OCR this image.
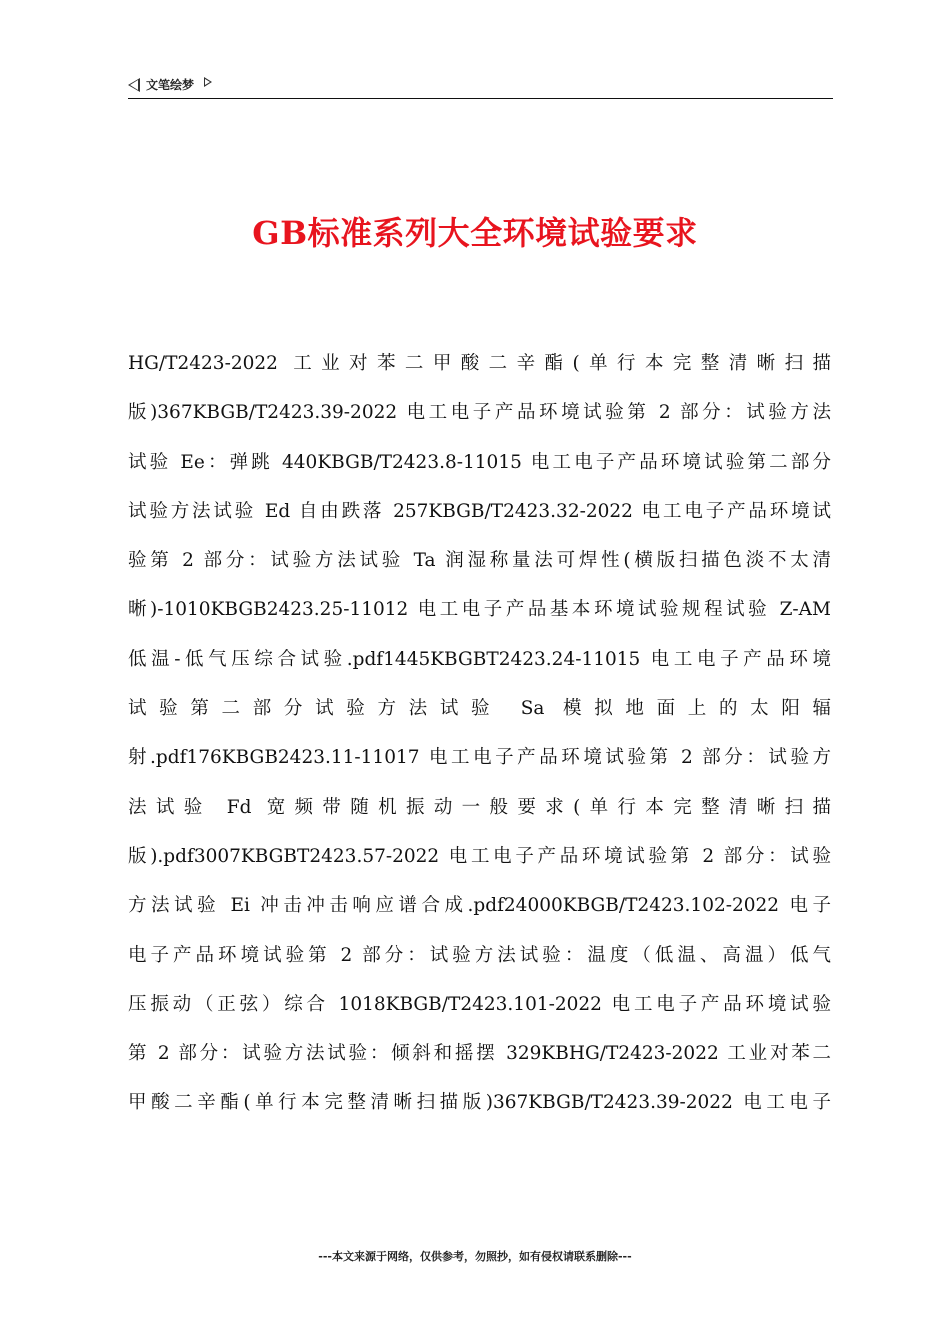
文笔绘梦
GB标准系列大全环境试验要求
HG/T2423-2022 工业对苯二甲酸二辛酯(单行本完整清晰扫描
版)367KBGB/T2423.39-2022 电工电子产品环境试验第 2 部分：试验方法
试验 Ee：弹跳 440KBGB/T2423.8-11015 电工电子产品环境试验第二部分
试验方法试验 Ed 自由跌落 257KBGB/T2423.32-2022 电工电子产品环境试
验第 2 部分：试验方法试验 Ta 润湿称量法可焊性(横版扫描色淡不太清
晰)-1010KBGB2423.25-11012 电工电子产品基本环境试验规程试验 Z-AM
低温-低气压综合试验.pdf1445KBGBT2423.24-11015 电工电子产品环境
试验第二部分试验方法试验 Sa 模拟地面上的太阳辐
射.pdf176KBGB2423.11-11017 电工电子产品环境试验第 2 部分：试验方
法试验 Fd 宽频带随机振动一般要求(单行本完整清晰扫描
版).pdf3007KBGBT2423.57-2022 电工电子产品环境试验第 2 部分：试验
方法试验 Ei 冲击冲击响应谱合成.pdf24000KBGB/T2423.102-2022 电子
电子产品环境试验第 2 部分：试验方法试验：温度（低温、高温）低气
压振动（正弦）综合 1018KBGB/T2423.101-2022 电工电子产品环境试验
第 2 部分：试验方法试验：倾斜和摇摆 329KBHG/T2423-2022 工业对苯二
甲酸二辛酯(单行本完整清晰扫描版)367KBGB/T2423.39-2022 电工电子
---本文来源于网络，仅供参考，勿照抄，如有侵权请联系删除---
